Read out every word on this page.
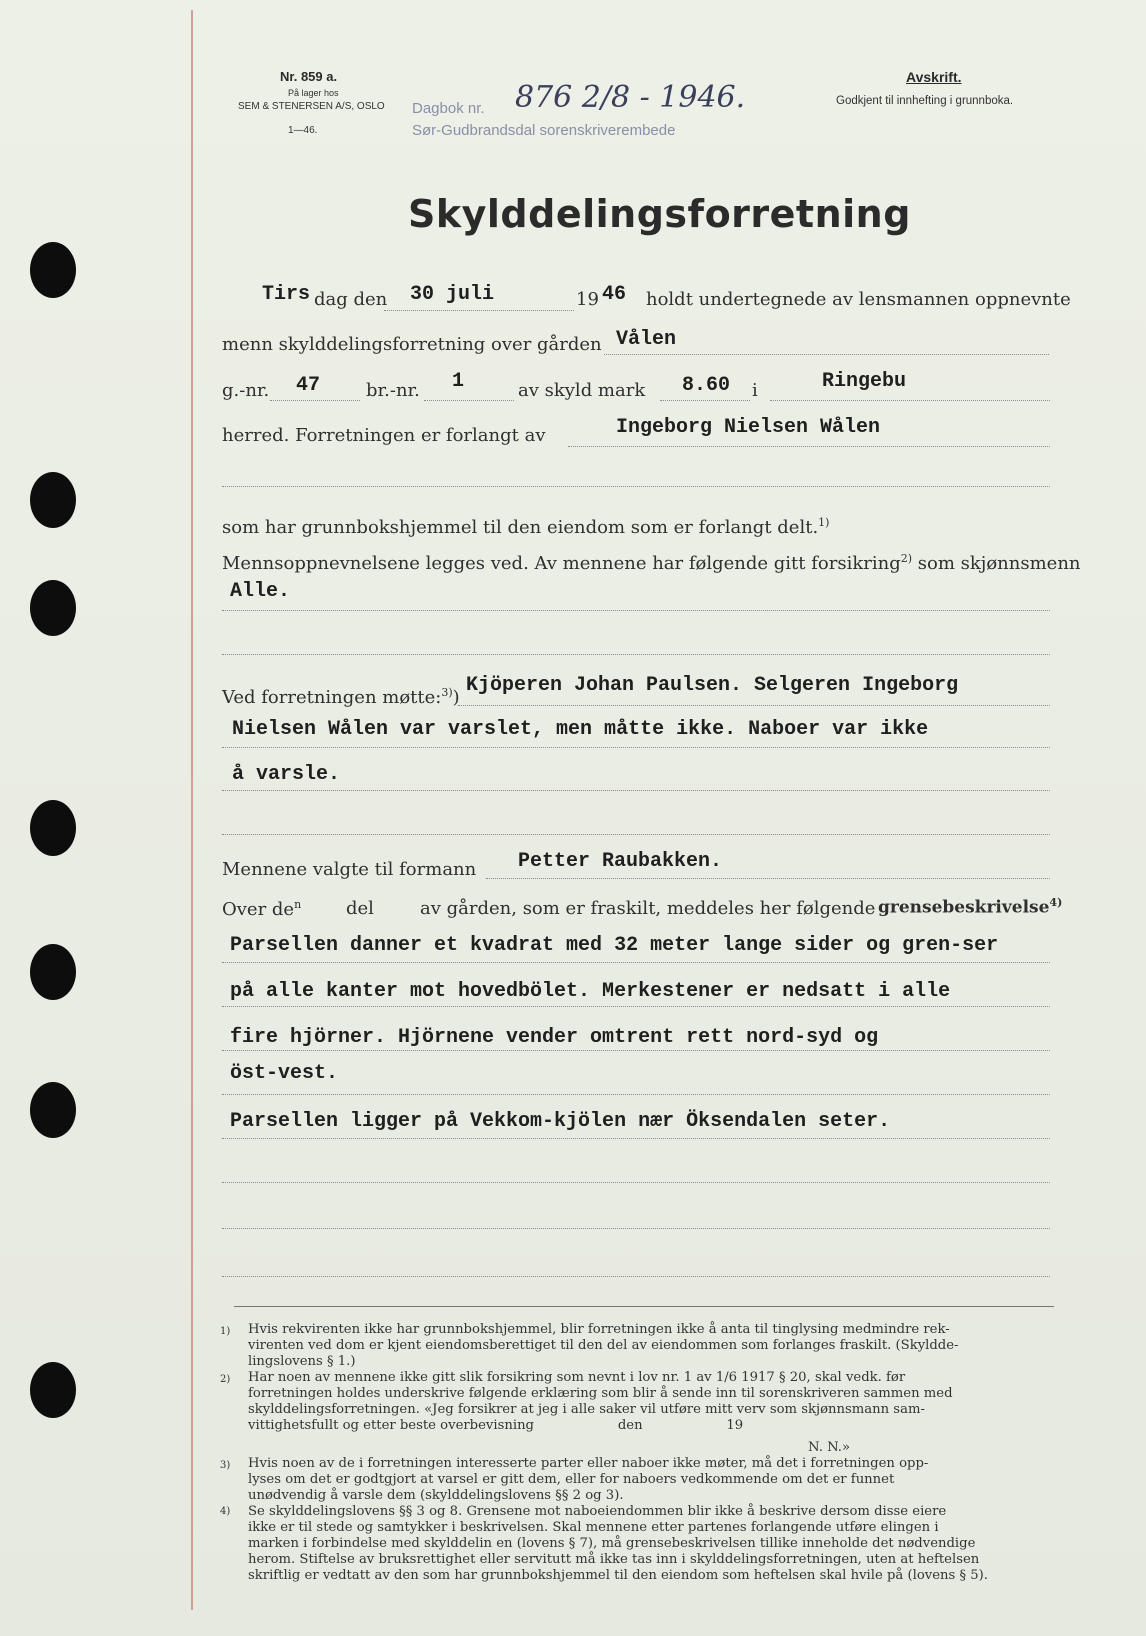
Nr. 859 a.
På lager hos
SEM & STENERSEN A/S, OSLO
1—46.
Dagbok nr. 876 2/8 - 1946.
Sør-Gudbrandsdal sorenskriverembede
Avskrift.
Godkjent til innhefting i grunnboka.
Skylddelingsforretning
Tirs dag den 30 juli	19 46 holdt undertegnede av lensmannen oppnevnte
menn skylddelingsforretning over gården Vålen
g.-nr. 47	br.-nr. 1	av skyld mark 8.60 i	Ringebu
herred. Forretningen er forlangt av	Ingeborg Nielsen Wålen
som har grunnbokshjemmel til den eiendom som er forlangt delt.$^{1)}$
Mennsoppnevnelsene legges ved. Av mennene har følgende gitt forsikring$^{2)}$ som skjønnsmenn
Alle.
Ved forretningen møtte:$^{3)}$)
Kjöperen Johan Paulsen. Selgeren Ingeborg
Nielsen Wålen var varslet, men måtte ikke. Naboer var ikke
å varsle.
Mennene valgte til formann Petter Raubakken.
Over $de^n$ del	av gården, som er fraskilt, meddeles her følgende grensebeskrivelse$^{4)}$
Parsellen danner et kvadrat med 32 meter lange sider og gren-ser
på alle kanter mot hovedbölet. Merkestener er nedsatt i alle
fire hjörner. Hjörnene vender omtrent rett nord-syd og
öst-vest.
Parsellen ligger på Vekkom-kjölen nær Öksendalen seter.
1) Hvis rekvirenten ikke har grunnbokshjemmel, blir forretningen ikke å anta til tinglysing medmindre rek-
virenten ved dom er kjent eiendomsberettiget til den del av eiendommen som forlanges fraskilt. (Skyldde-
lingslovens § 1.)
2) Har noen av mennene ikke gitt slik forsikring som nevnt i lov nr. 1 av 1/6 1917 § 20, skal vedk. før
forretningen holdes underskrive følgende erklæring som blir å sende inn til sorenskriveren sammen med
skylddelingsforretningen. «Jeg forsikrer at jeg i alle saker vil utføre mitt verv som skjønnsmann sam-
vittighetsfullt og etter beste overbevisning                    den                    19
N. N.»
3) Hvis noen av de i forretningen interesserte parter eller naboer ikke møter, må det i forretningen opp-
lyses om det er godtgjort at varsel er gitt dem, eller for naboers vedkommende om det er funnet
unødvendig å varsle dem (skylddelingslovens §§ 2 og 3).
4) Se skylddelingslovens §§ 3 og 8. Grensene mot naboeiendommen blir ikke å beskrive dersom disse eiere
ikke er til stede og samtykker i beskrivelsen. Skal mennene etter partenes forlangende utføre elingen i
marken i forbindelse med skylddelin en (lovens § 7), må grensebeskrivelsen tillike inneholde det nødvendige
herom. Stiftelse av bruksrettighet eller servitutt må ikke tas inn i skylddelingsforretningen, uten at heftelsen
skriftlig er vedtatt av den som har grunnbokshjemmel til den eiendom som heftelsen skal hvile på (lovens § 5).
